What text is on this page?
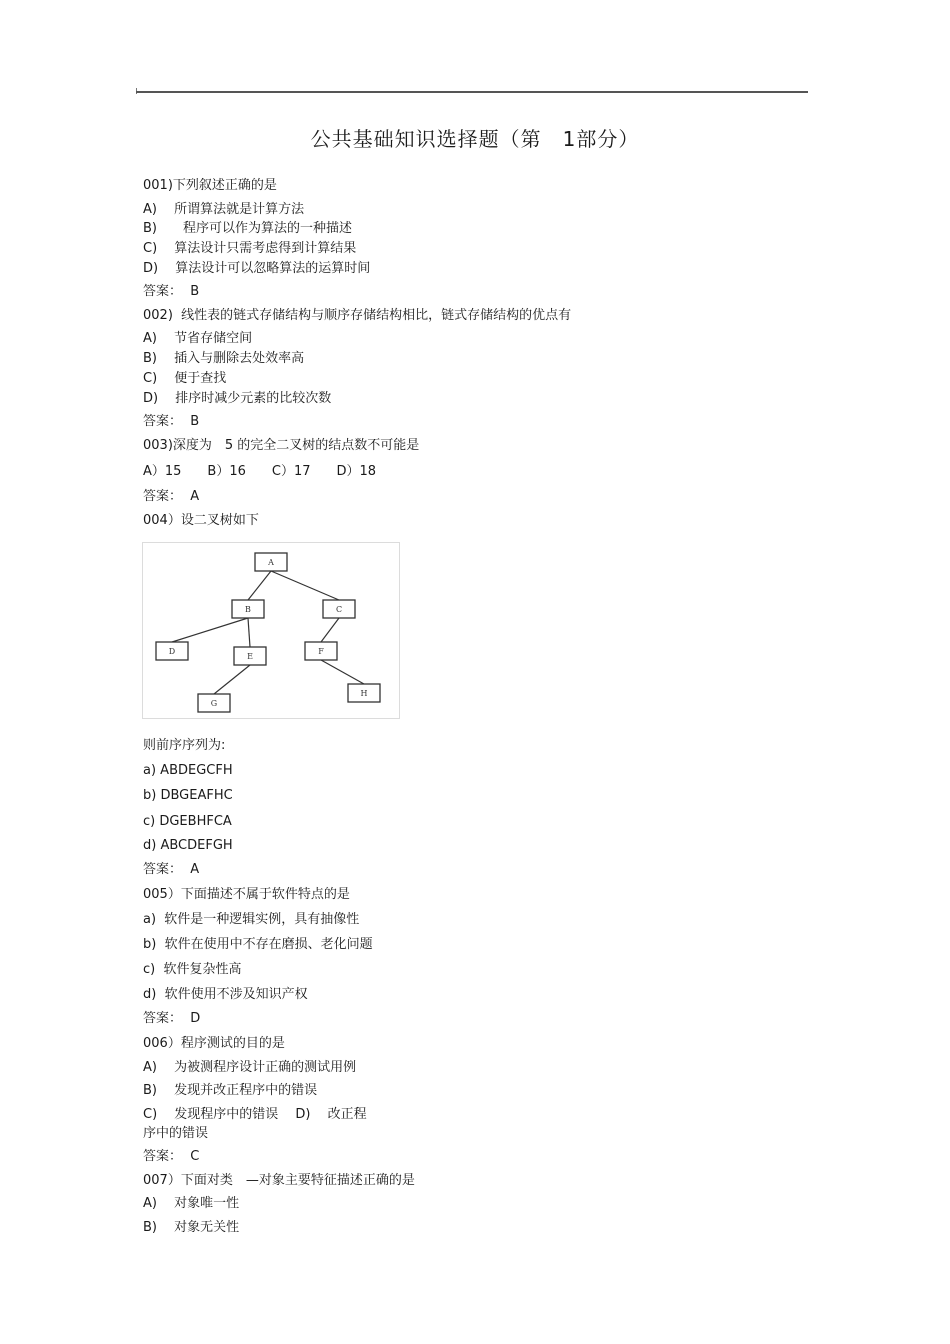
公共基础知识选择题（第　1部分）
001)下列叙述正确的是
A)　 所谓算法就是计算方法
B)　　程序可以作为算法的一种描述
C)　 算法设计只需考虑得到计算结果
D)　 算法设计可以忽略算法的运算时间
答案：  B
002)  线性表的链式存储结构与顺序存储结构相比，链式存储结构的优点有
A)　 节省存储空间
B)　 插入与删除去处效率高
C)　 便于查找
D)　 排序时减少元素的比较次数
答案：  B
003)深度为　5 的完全二叉树的结点数不可能是
A）15　　B）16　　C）17　　D）18
答案：  A
004）设二叉树如下
A
B	C
D
E
F
G
H
则前序序列为:
a) ABDEGCFH
b) DBGEAFHC
c) DGEBHFCA
d) ABCDEFGH
答案：  A
005）下面描述不属于软件特点的是
a)  软件是一种逻辑实例，具有抽像性
b)  软件在使用中不存在磨损、老化问题
c)  软件复杂性高
d)  软件使用不涉及知识产权
答案：  D
006）程序测试的目的是
A)　 为被测程序设计正确的测试用例
B)　 发现并改正程序中的错误
C)　 发现程序中的错误　 D)　 改正程
序中的错误
答案：  C
007）下面对类　—对象主要特征描述正确的是
A)　 对象唯一性
B)　 对象无关性
